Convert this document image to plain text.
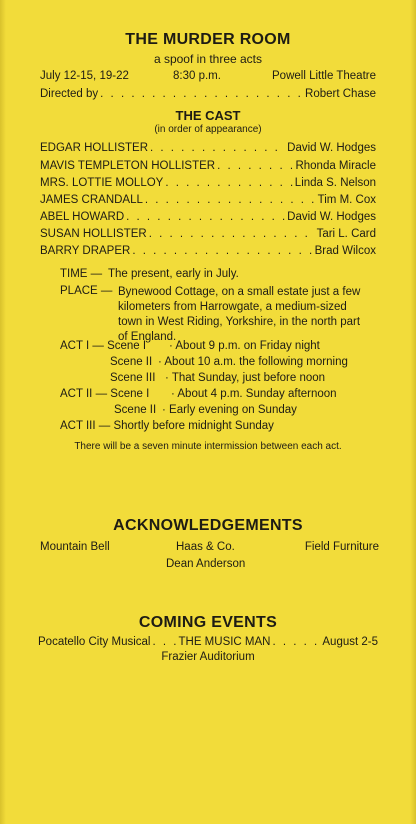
THE MURDER ROOM
a spoof in three acts
July 12-15, 19-22	8:30 p.m.	Powell Little Theatre
Directed by . . .	Robert Chase
THE CAST
(in order of appearance)
EDGAR HOLLISTER . . .	David W. Hodges
MAVIS TEMPLETON HOLLISTER . . .	Rhonda Miracle
MRS. LOTTIE MOLLOY . . .	Linda S. Nelson
JAMES CRANDALL . . .	Tim M. Cox
ABEL HOWARD . . .	David W. Hodges
SUSAN HOLLISTER . . .	Tari L. Card
BARRY DRAPER . . .	Brad Wilcox
TIME — The present, early in July.
PLACE — Bynewood Cottage, on a small estate just a few
kilometers from Harrowgate, a medium-sized
town in West Riding, Yorkshire, in the north part
of England.
ACT I — Scene I · About 9 p.m. on Friday night
Scene II · About 10 a.m. the following morning
Scene III · That Sunday, just before noon
ACT II — Scene I · About 4 p.m. Sunday afternoon
Scene II · Early evening on Sunday
ACT III — Shortly before midnight Sunday
There will be a seven minute intermission between each act.
ACKNOWLEDGEMENTS
Mountain Bell	Haas & Co.	Field Furniture
Dean Anderson
COMING EVENTS
Pocatello City Musical . . . THE MUSIC MAN . . .	August 2-5
Frazier Auditorium
